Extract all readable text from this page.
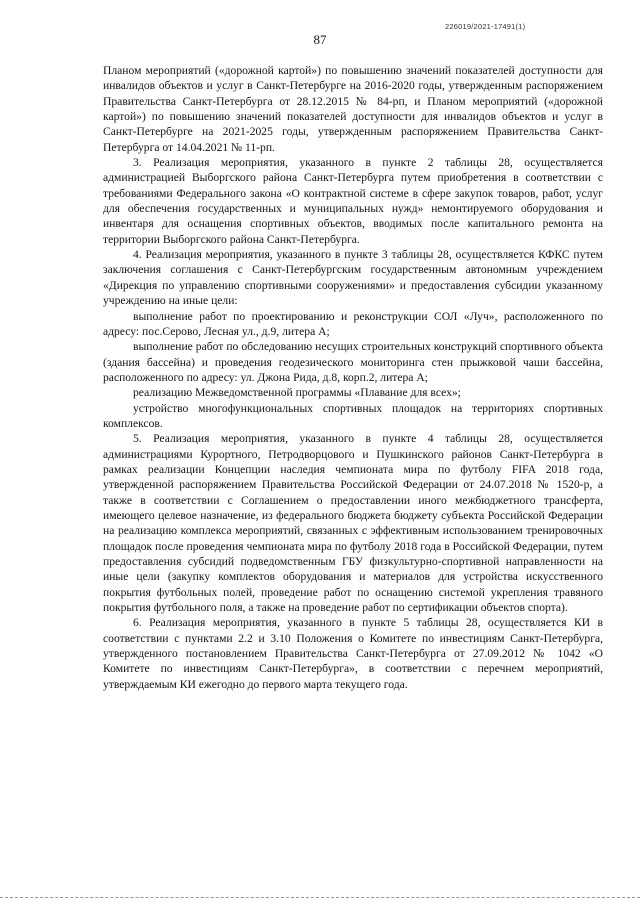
226019/2021-17491(1)
87

Планом мероприятий («дорожной картой») по повышению значений показателей доступности для инвалидов объектов и услуг в Санкт-Петербурге на 2016-2020 годы, утвержденным распоряжением Правительства Санкт-Петербурга от 28.12.2015 № 84-рп, и Планом мероприятий («дорожной картой») по повышению значений показателей доступности для инвалидов объектов и услуг в Санкт-Петербурге на 2021-2025 годы, утвержденным распоряжением Правительства Санкт-Петербурга от 14.04.2021 № 11-рп.

3. Реализация мероприятия, указанного в пункте 2 таблицы 28, осуществляется администрацией Выборгского района Санкт-Петербурга путем приобретения в соответствии с требованиями Федерального закона «О контрактной системе в сфере закупок товаров, работ, услуг для обеспечения государственных и муниципальных нужд» немонтируемого оборудования и инвентаря для оснащения спортивных объектов, вводимых после капитального ремонта на территории Выборгского района Санкт-Петербурга.

4. Реализация мероприятия, указанного в пункте 3 таблицы 28, осуществляется КФКС путем заключения соглашения с Санкт-Петербургским государственным автономным учреждением «Дирекция по управлению спортивными сооружениями» и предоставления субсидии указанному учреждению на иные цели:

выполнение работ по проектированию и реконструкции СОЛ «Луч», расположенного по адресу: пос.Серово, Лесная ул., д.9, литера А;

выполнение работ по обследованию несущих строительных конструкций спортивного объекта (здания бассейна) и проведения геодезического мониторинга стен прыжковой чаши бассейна, расположенного по адресу: ул. Джона Рида, д.8, корп.2, литера А;

реализацию Межведомственной программы «Плавание для всех»;

устройство многофункциональных спортивных площадок на территориях спортивных комплексов.

5. Реализация мероприятия, указанного в пункте 4 таблицы 28, осуществляется администрациями Курортного, Петродворцового и Пушкинского районов Санкт-Петербурга в рамках реализации Концепции наследия чемпионата мира по футболу FIFA 2018 года, утвержденной распоряжением Правительства Российской Федерации от 24.07.2018 № 1520-р, а также в соответствии с Соглашением о предоставлении иного межбюджетного трансферта, имеющего целевое назначение, из федерального бюджета бюджету субъекта Российской Федерации на реализацию комплекса мероприятий, связанных с эффективным использованием тренировочных площадок после проведения чемпионата мира по футболу 2018 года в Российской Федерации, путем предоставления субсидий подведомственным ГБУ физкультурно-спортивной направленности на иные цели (закупку комплектов оборудования и материалов для устройства искусственного покрытия футбольных полей, проведение работ по оснащению системой укрепления травяного покрытия футбольного поля, а также на проведение работ по сертификации объектов спорта).

6. Реализация мероприятия, указанного в пункте 5 таблицы 28, осуществляется КИ в соответствии с пунктами 2.2 и 3.10 Положения о Комитете по инвестициям Санкт-Петербурга, утвержденного постановлением Правительства Санкт-Петербурга от 27.09.2012 № 1042 «О Комитете по инвестициям Санкт-Петербурга», в соответствии с перечнем мероприятий, утверждаемым КИ ежегодно до первого марта текущего года.
